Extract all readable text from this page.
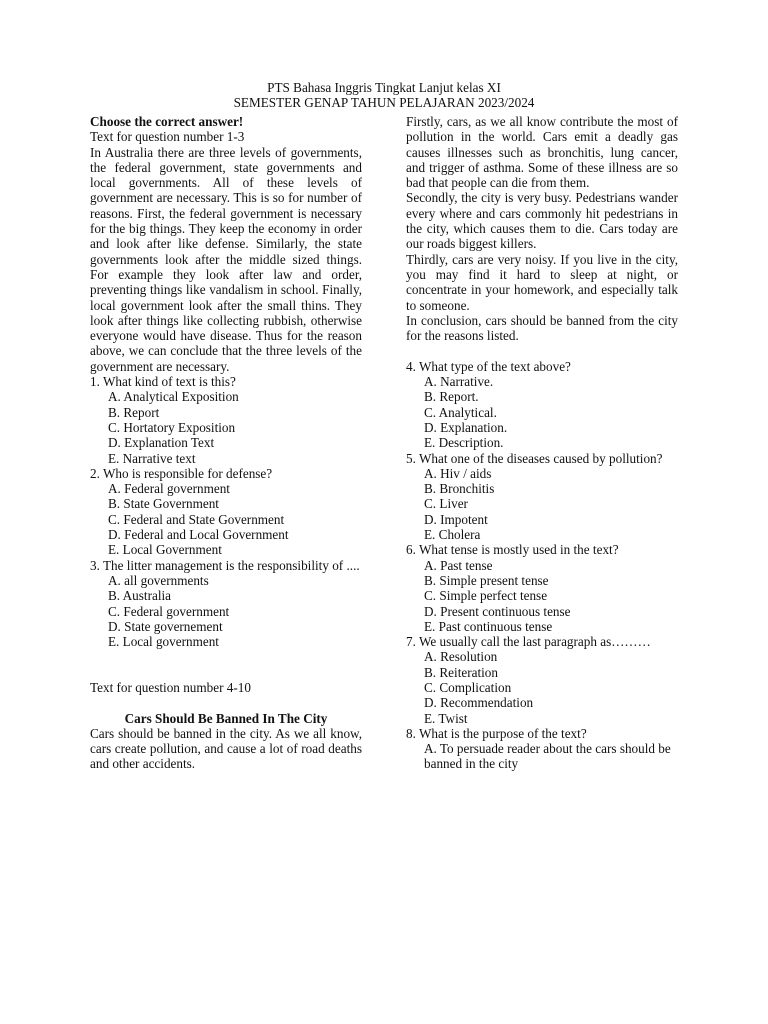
PTS Bahasa Inggris Tingkat Lanjut kelas XI
SEMESTER GENAP TAHUN PELAJARAN 2023/2024

Choose the correct answer!

Text for question number 1-3

In Australia there are three levels of governments, the federal government, state governments and local governments. All of these levels of government are necessary. This is so for number of reasons. First, the federal government is necessary for the big things. They keep the economy in order and look after like defense. Similarly, the state governments look after the middle sized things. For example they look after law and order, preventing things like vandalism in school. Finally, local government look after the small thins. They look after things like collecting rubbish, otherwise everyone would have disease. Thus for the reason above, we can conclude that the three levels of the government are necessary.

1. What kind of text is this?

A. Analytical Exposition
B. Report
C. Hortatory Exposition
D. Explanation Text
E. Narrative text

2. Who is responsible for defense?

A. Federal government
B. State Government
C. Federal and State Government
D. Federal and Local Government
E. Local Government

3. The litter management is the responsibility of ....

A. all governments
B. Australia
C. Federal government
D. State governement
E. Local government

Text for question number 4-10

Cars Should Be Banned In The City

Cars should be banned in the city. As we all know, cars create pollution, and cause a lot of road deaths and other accidents.

Firstly, cars, as we all know contribute the most of pollution in the world. Cars emit a deadly gas causes illnesses such as bronchitis, lung cancer, and trigger of asthma. Some of these illness are so bad that people can die from them.

Secondly, the city is very busy. Pedestrians wander every where and cars commonly hit pedestrians in the city, which causes them to die. Cars today are our roads biggest killers.

Thirdly, cars are very noisy. If you live in the city, you may find it hard to sleep at night, or concentrate in your homework, and especially talk to someone.

In conclusion, cars should be banned from the city for the reasons listed.

4. What type of the text above?

A. Narrative.
B. Report.
C. Analytical.
D. Explanation.
E. Description.

5. What one of the diseases caused by pollution?

A. Hiv / aids
B. Bronchitis
C. Liver
D. Impotent
E. Cholera

6. What tense is mostly used in the text?

A. Past tense
B. Simple present tense
C. Simple perfect tense
D. Present continuous tense
E. Past continuous tense

7. We usually call the last paragraph as………

A. Resolution
B. Reiteration
C. Complication
D. Recommendation
E. Twist

8. What is the purpose of the text?

A. To persuade reader about the cars should be banned in the city
